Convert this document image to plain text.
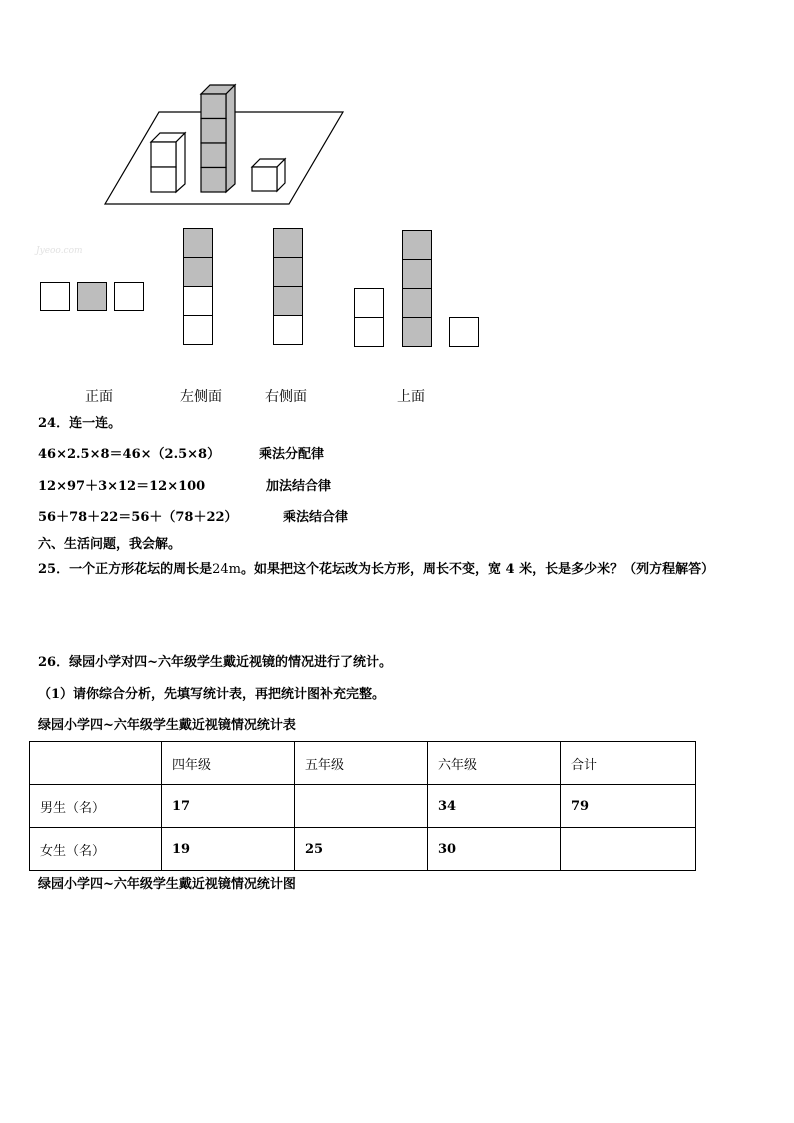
Jyeoo.com
正面	左侧面	右侧面	上面
24．连一连。
46×2.5×8＝46×（2.5×8）
12×97＋3×12＝12×100
56＋78＋22＝56＋（78＋22）
乘法分配律
加法结合律
乘法结合律
六、生活问题，我会解。
25．一个正方形花坛的周长是24m。如果把这个花坛改为长方形，周长不变，宽 4 米，长是多少米？（列方程解答）
26．绿园小学对四~六年级学生戴近视镜的情况进行了统计。
（1）请你综合分析，先填写统计表，再把统计图补充完整。
绿园小学四~六年级学生戴近视镜情况统计表
	四年级	五年级	六年级	合计
男生（名）	17		34	79
女生（名）	19	25	30	
绿园小学四~六年级学生戴近视镜情况统计图
